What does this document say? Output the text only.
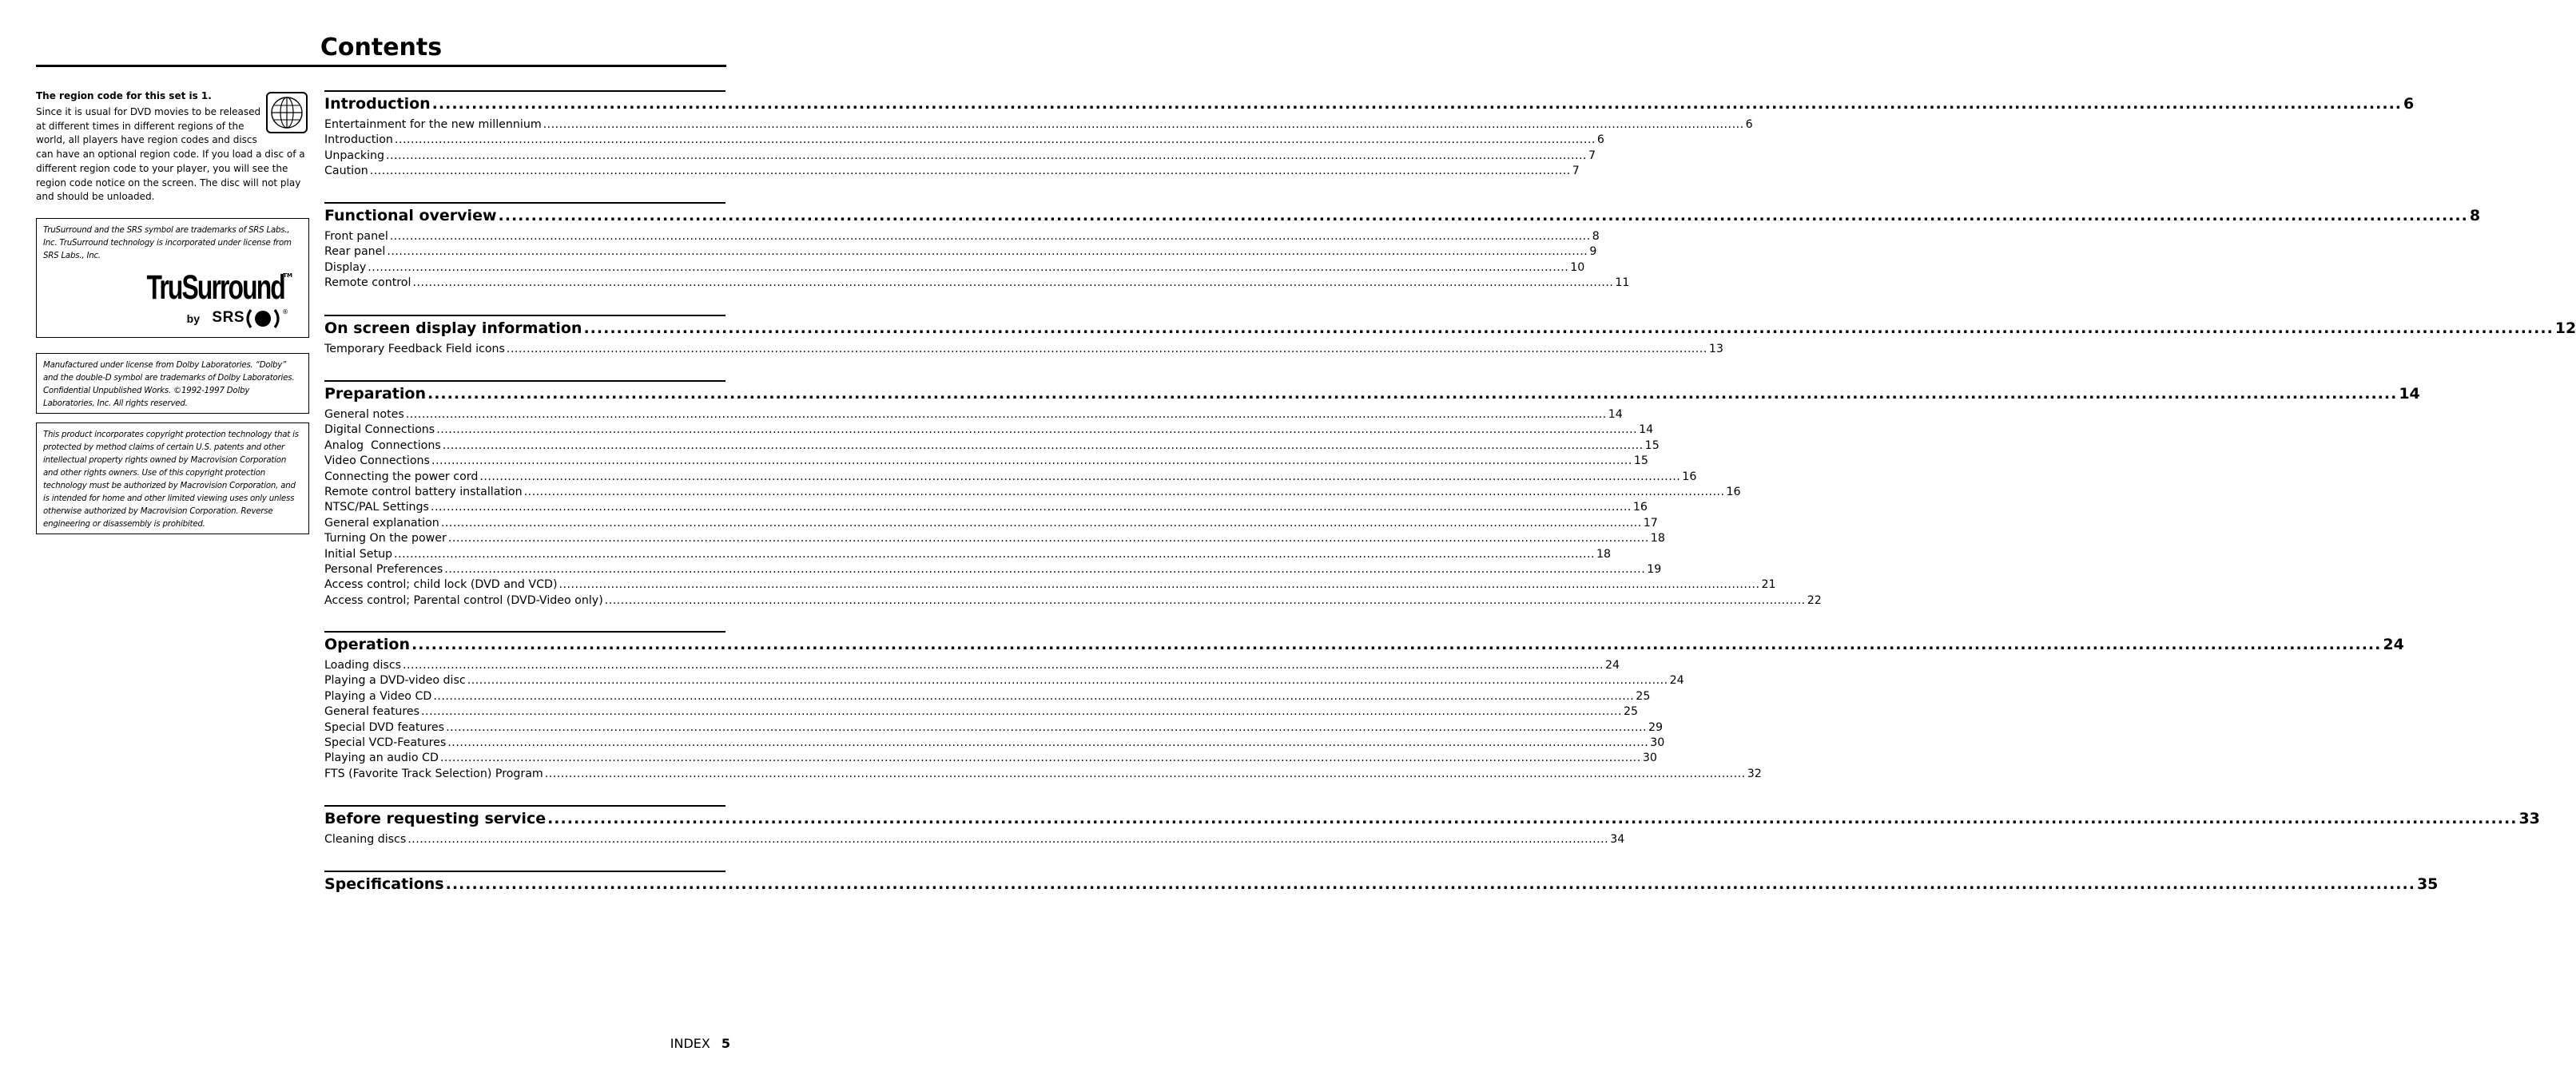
Contents

The region code for this set is 1.

Since it is usual for DVD movies to be released at different times in different regions of the world, all players have region codes and discs
can have an optional region code. If you load a disc of a different region code to your player, you will see the region code notice on the screen. The disc will not play and should be unloaded.

TruSurround and the SRS symbol are trademarks of SRS Labs., Inc. TruSurround technology is incorporated under license from SRS Labs., Inc.

TruSurround
TM
by SRS	®

Manufactured under license from Dolby Laboratories. “Dolby” and the double-D symbol are trademarks of Dolby Laboratories. Confidential Unpublished Works. ©1992-1997 Dolby Laboratories, Inc. All rights reserved.

This product incorporates copyright protection technology that is protected by method claims of certain U.S. patents and other intellectual property rights owned by Macrovision Corporation and other rights owners. Use of this copyright protection technology must be authorized by Macrovision Corporation, and is intended for home and other limited viewing uses only unless otherwise authorized by Macrovision Corporation. Reverse engineering or disassembly is prohibited.

Introduction ............................................................................................................................................................................................................................................................................................................ 6
Entertainment for the new millennium ............................................................................................................................................................................................................................................................................................................ 6
Introduction ............................................................................................................................................................................................................................................................................................................ 6
Unpacking ............................................................................................................................................................................................................................................................................................................ 7
Caution ............................................................................................................................................................................................................................................................................................................ 7
Functional overview ............................................................................................................................................................................................................................................................................................................ 8
Front panel ............................................................................................................................................................................................................................................................................................................ 8
Rear panel ............................................................................................................................................................................................................................................................................................................ 9
Display ............................................................................................................................................................................................................................................................................................................ 10
Remote control ............................................................................................................................................................................................................................................................................................................ 11
On screen display information ............................................................................................................................................................................................................................................................................................................ 12
Temporary Feedback Field icons ............................................................................................................................................................................................................................................................................................................ 13
Preparation ............................................................................................................................................................................................................................................................................................................ 14
General notes ............................................................................................................................................................................................................................................................................................................ 14
Digital Connections ............................................................................................................................................................................................................................................................................................................ 14
Analog  Connections ............................................................................................................................................................................................................................................................................................................ 15
Video Connections ............................................................................................................................................................................................................................................................................................................ 15
Connecting the power cord ............................................................................................................................................................................................................................................................................................................ 16
Remote control battery installation ............................................................................................................................................................................................................................................................................................................ 16
NTSC/PAL Settings ............................................................................................................................................................................................................................................................................................................ 16
General explanation ............................................................................................................................................................................................................................................................................................................ 17
Turning On the power ............................................................................................................................................................................................................................................................................................................ 18
Initial Setup ............................................................................................................................................................................................................................................................................................................ 18
Personal Preferences ............................................................................................................................................................................................................................................................................................................ 19
Access control; child lock (DVD and VCD) ............................................................................................................................................................................................................................................................................................................ 21
Access control; Parental control (DVD-Video only) ............................................................................................................................................................................................................................................................................................................ 22
Operation ............................................................................................................................................................................................................................................................................................................ 24
Loading discs ............................................................................................................................................................................................................................................................................................................ 24
Playing a DVD-video disc ............................................................................................................................................................................................................................................................................................................ 24
Playing a Video CD ............................................................................................................................................................................................................................................................................................................ 25
General features ............................................................................................................................................................................................................................................................................................................ 25
Special DVD features ............................................................................................................................................................................................................................................................................................................ 29
Special VCD-Features ............................................................................................................................................................................................................................................................................................................ 30
Playing an audio CD ............................................................................................................................................................................................................................................................................................................ 30
FTS (Favorite Track Selection) Program ............................................................................................................................................................................................................................................................................................................ 32
Before requesting service ............................................................................................................................................................................................................................................................................................................ 33
Cleaning discs ............................................................................................................................................................................................................................................................................................................ 34
Specifications ............................................................................................................................................................................................................................................................................................................ 35
INDEX 5
